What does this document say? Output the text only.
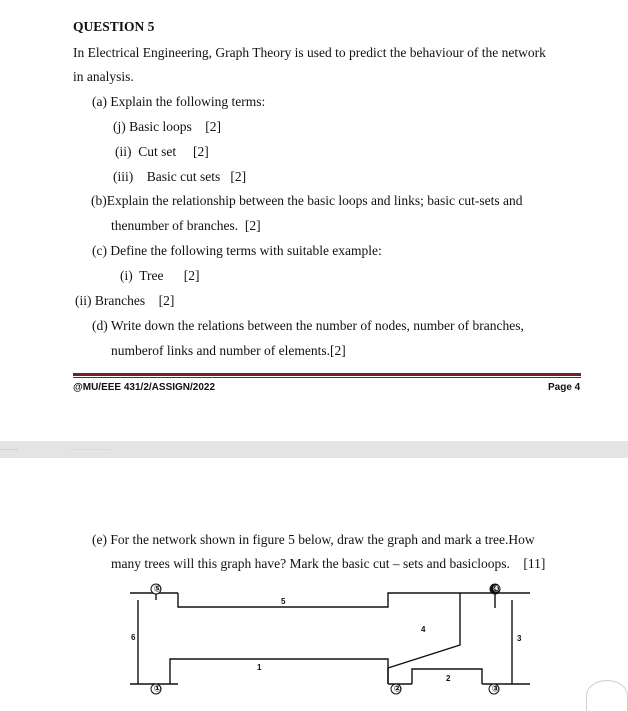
QUESTION 5
In Electrical Engineering, Graph Theory is used to predict the behaviour of the network
in analysis.
(a) Explain the following terms:
(j) Basic loops    [2]
(ii)  Cut set     [2]
(iii)    Basic cut sets   [2]
(b)Explain the relationship between the basic loops and links; basic cut-sets and
thenumber of branches.  [2]
(c) Define the following terms with suitable example:
(i)  Tree      [2]
(ii) Branches    [2]
(d) Write down the relations between the number of nodes, number of branches,
numberof links and number of elements.[2]
@MU/EEE 431/2/ASSIGN/2022	Page 4
(e) For the network shown in figure 5 below, draw the graph and mark a tree.How
many trees will this graph have? Mark the basic cut – sets and basicloops.    [11]
5
4
3
6
1
2
⑤	④
①	②	③
